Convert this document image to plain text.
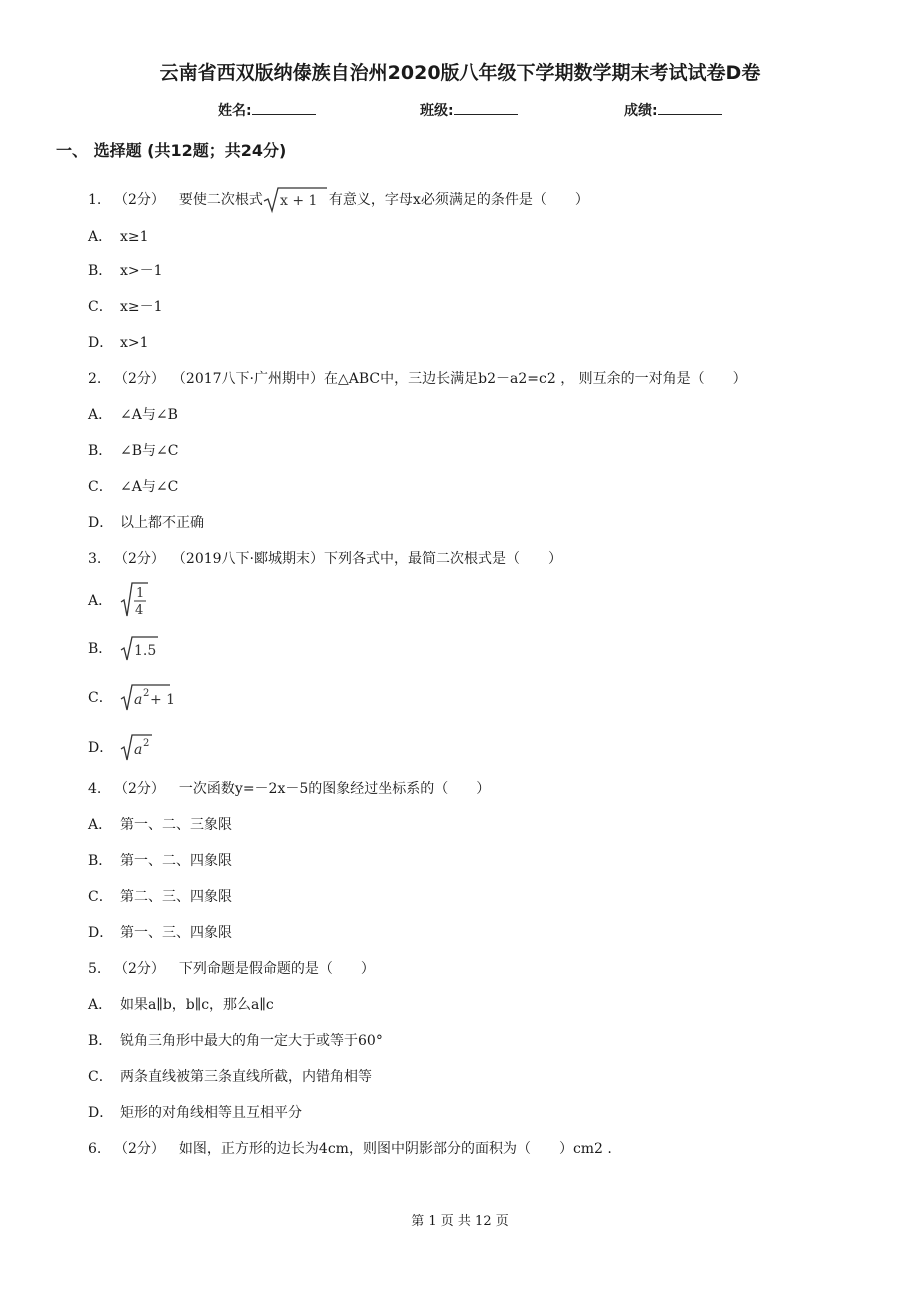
云南省西双版纳傣族自治州2020版八年级下学期数学期末考试试卷D卷
姓名:	班级:	成绩:
一、 选择题 (共12题；共24分)
1. （2分） 要使二次根式 x + 1 有意义，字母x必须满足的条件是（　　）
A． x≥1
B． x>－1
C． x≥－1
D． x>1
2. （2分） （2017八下·广州期中）在△ABC中，三边长满足b2－a2=c2 ， 则互余的一对角是（　　）
A． ∠A与∠B
B． ∠B与∠C
C． ∠A与∠C
D． 以上都不正确
3. （2分） （2019八下·郾城期末）下列各式中，最简二次根式是（　　）
A． 1
4
B． 1.5
C． a 2 + 1
D． a 2
4. （2分） 一次函数y=－2x－5的图象经过坐标系的（　　）
A． 第一、二、三象限
B． 第一、二、四象限
C． 第二、三、四象限
D． 第一、三、四象限
5. （2分） 下列命题是假命题的是（　　）
A． 如果a∥b，b∥c，那么a∥c
B． 锐角三角形中最大的角一定大于或等于60°
C． 两条直线被第三条直线所截，内错角相等
D． 矩形的对角线相等且互相平分
6. （2分） 如图，正方形的边长为4cm，则图中阴影部分的面积为（　　）cm2 .
第 1 页 共 12 页
